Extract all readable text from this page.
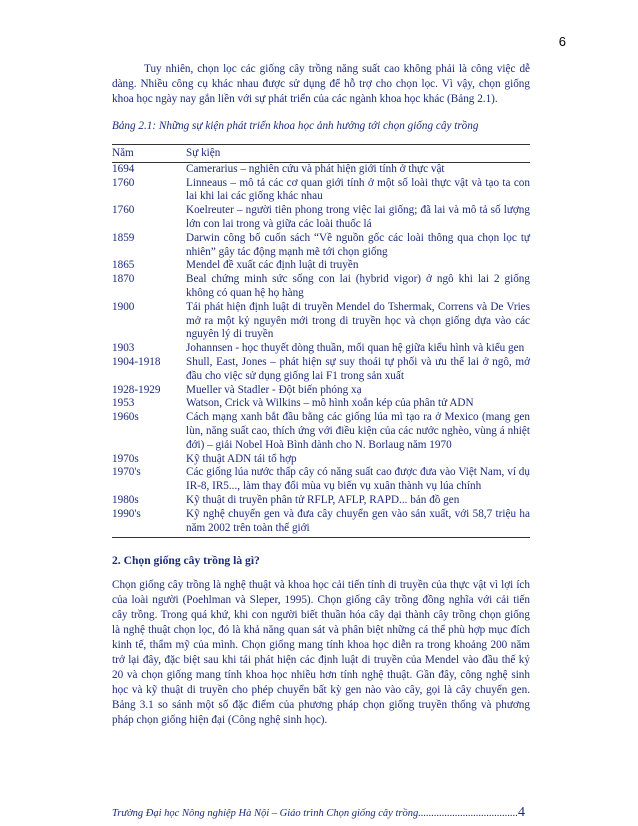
6

Tuy nhiên, chọn lọc các giống cây trồng năng suất cao không phải là công việc dễ dàng. Nhiều công cụ khác nhau được sử dụng để hỗ trợ cho chọn lọc. Vì vậy, chọn giống khoa học ngày nay gắn liền với sự phát triển của các ngành khoa học khác (Bảng 2.1).

Bảng 2.1: Những sự kiện phát triển khoa học ảnh hưởng tới chọn giống cây trồng

Năm	Sự kiện
1694	Camerarius – nghiên cứu và phát hiện giới tính ở thực vật
1760	Linneaus – mô tả các cơ quan giới tính ở một số loài thực vật và tạo ta con lai khi lai các giống khác nhau
1760	Koelreuter – người tiên phong trong việc lai giống; đã lai và mô tả số lượng lớn con lai trong và giữa các loài thuốc lá
1859	Darwin công bố cuốn sách “Về nguồn gốc các loài thông qua chọn lọc tự nhiên” gây tác động mạnh mẽ tới chọn giống
1865	Mendel đề xuất các định luật di truyền
1870	Beal chứng minh sức sống con lai (hybrid vigor) ở ngô khi lai 2 giống không có quan hệ họ hàng
1900	Tái phát hiện định luật di truyền Mendel do Tshermak, Correns và De Vries mở ra một kỷ nguyên mới trong di truyền học và chọn giống dựa vào các nguyên lý di truyền
1903	Johannsen - học thuyết dòng thuần, mối quan hệ giữa kiểu hình và kiểu gen
1904-1918	Shull, East, Jones – phát hiện sự suy thoái tự phối và ưu thế lai ở ngô, mở đầu cho việc sử dụng giống lai F1 trong sản xuất
1928-1929	Mueller và Stadler - Đột biến phóng xạ
1953	Watson, Crick và Wilkins – mô hình xoắn kép của phân tử ADN
1960s	Cách mạng xanh bắt đầu bằng các giống lúa mì tạo ra ở Mexico (mang gen lùn, năng suất cao, thích ứng với điều kiện của các nước nghèo, vùng á nhiệt đới) – giải Nobel Hoà Bình dành cho N. Borlaug năm 1970
1970s	Kỹ thuật ADN tái tổ hợp
1970's	Các giống lúa nước thấp cây có năng suất cao được đưa vào Việt Nam, ví dụ IR-8, IR5..., làm thay đổi mùa vụ biến vụ xuân thành vụ lúa chính
1980s	Kỹ thuật di truyền phân tử RFLP, AFLP, RAPD... bản đồ gen
1990's	Kỹ nghệ chuyển gen và đưa cây chuyển gen vào sản xuất, với 58,7 triệu ha năm 2002 trên toàn thế giới
2. Chọn giống cây trồng là gì?

Chọn giống cây trồng là nghệ thuật và khoa học cải tiến tính di truyền của thực vật vì lợi ích của loài người (Poehlman và Sleper, 1995). Chọn giống cây trồng đồng nghĩa với cải tiến cây trồng. Trong quá khứ, khi con người biết thuần hóa cây dại thành cây trồng chọn giống là nghệ thuật chọn lọc, đó là khả năng quan sát và phân biệt những cá thể phù hợp mục đích kinh tế, thẩm mỹ của mình. Chọn giống mang tính khoa học diễn ra trong khoảng 200 năm trở lại đây, đặc biệt sau khi tái phát hiện các định luật di truyền của Mendel vào đầu thế kỷ 20 và chọn giống mang tính khoa học nhiều hơn tính nghệ thuật. Gần đây, công nghệ sinh học và kỹ thuật di truyền cho phép chuyển bất kỳ gen nào vào cây, gọi là cây chuyển gen. Bảng 3.1 so sánh một số đặc điểm của phương pháp chọn giống truyền thống và phương pháp chọn giống hiện đại (Công nghệ sinh học).

Trường Đại học Nông nghiệp Hà Nội – Giáo trình Chọn giống cây trồng......................................4
